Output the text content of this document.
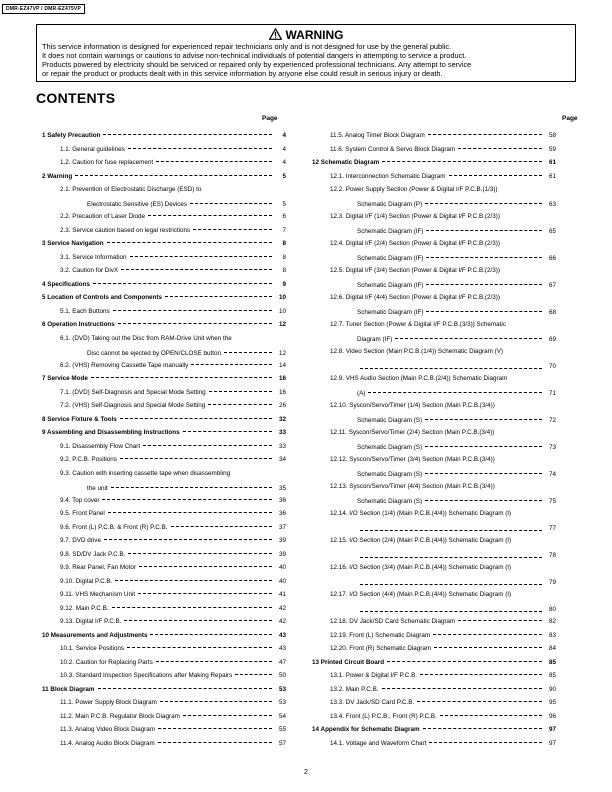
DMR-EZ47VP / DMR-EZ475VP
WARNING
This service information is designed for experienced repair technicians only and is not designed for use by the general public.
It does not contain warnings or cautions to advise non-technical individuals of potential dangers in attempting to service a product.
Products powered by electricity should be serviced or repaired only by experienced professional technicians. Any attempt to service
or repair the product or products dealt with in this service information by anyone else could result in serious injury or death.
CONTENTS
Page	Page
1 Safety Precaution	4
1.1. General guidelines	4
1.2. Caution for fuse replacement	4
2 Warning	5
2.1. Prevention of Electrostatic Discharge (ESD) to
Electrostatic Sensitive (ES) Devices	5
2.2. Precaution of Laser Diode	6
2.3. Service caution based on legal restrictions	7
3 Service Navigation	8
3.1. Service Information	8
3.2. Caution for DivX	8
4 Specifications	9
5 Location of Controls and Components	10
5.1. Each Buttons	10
6 Operation Instructions	12
6.1. (DVD) Taking out the Disc from RAM-Drive Unit when the
Disc cannot be ejected by OPEN/CLOSE button	12
6.2. (VHS) Removing Cassette Tape manually	14
7 Service Mode	16
7.1. (DVD) Self-Diagnosis and Special Mode Setting	16
7.2. (VHS) Self-Diagnosis and Special Mode Setting	26
8 Service Fixture & Tools	32
9 Assembling and Disassembling Instructions	33
9.1. Disassembly Flow Chart	33
9.2. P.C.B. Positions	34
9.3. Caution with inserting cassette tape when disassembling
the unit	35
9.4. Top cover	36
9.5. Front Panel	36
9.6. Front (L) P.C.B. & Front (R) P.C.B.	37
9.7. DVD drive	39
9.8. SD/DV Jack P.C.B.	39
9.9. Rear Panel, Fan Motor	40
9.10. Digital P.C.B.	40
9.11. VHS Mechanism Unit	41
9.12. Main P.C.B.	42
9.13. Digital I/F P.C.B.	42
10 Measurements and Adjustments	43
10.1. Service Positions	43
10.2. Caution for Replacing Parts	47
10.3. Standard Inspection Specifications after Making Repairs	50
11 Block Diagram	53
11.1. Power Supply Block Diagram	53
11.2. Main P.C.B. Regulator Block Diagram	54
11.3. Analog Video Block Diagram	55
11.4. Analog Audio Block Diagram	57
11.5. Analog Timer Block Diagram	58
11.6. System Control & Servo Block Diagram	59
12 Schematic Diagram	61
12.1. Interconnection Schematic Diagram	61
12.2. Power Supply Section (Power & Digital I/F P.C.B.(1/3))
Schematic Diagram (P)	63
12.3. Digital I/F (1/4) Section (Power & Digital I/F P.C.B.(2/3))
Schematic Diagram (IF)	65
12.4. Digital I/F (2/4) Section (Power & Digital I/F P.C.B.(2/3))
Schematic Diagram (IF)	66
12.5. Digital I/F (3/4) Section (Power & Digital I/F P.C.B.(2/3))
Schematic Diagram (IF)	67
12.6. Digital I/F (4/4) Section (Power & Digital I/F P.C.B.(2/3))
Schematic Diagram (IF)	68
12.7. Tuner Section (Power & Digital I/F P.C.B.(3/3)) Schematic
Diagram (IF)	69
12.8. Video Section (Main P.C.B.(1/4)) Schematic Diagram (V)
70
12.9. VHS Audio Section (Main P.C.B.(2/4)) Schematic Diagram
(A)	71
12.10. Syscon/Servo/Timer (1/4) Section (Main P.C.B.(3/4))
Schematic Diagram (S)	72
12.11. Syscon/Servo/Timer (2/4) Section (Main P.C.B.(3/4))
Schematic Diagram (S)	73
12.12. Syscon/Servo/Timer (3/4) Section (Main P.C.B.(3/4))
Schematic Diagram (S)	74
12.13. Syscon/Servo/Timer (4/4) Section (Main P.C.B.(3/4))
Schematic Diagram (S)	75
12.14. I/O Section (1/4) (Main P.C.B.(4/4)) Schematic Diagram (I)
77
12.15. I/O Section (2/4) (Main P.C.B.(4/4)) Schematic Diagram (I)
78
12.16. I/O Section (3/4) (Main P.C.B.(4/4)) Schematic Diagram (I)
79
12.17. I/O Section (4/4) (Main P.C.B.(4/4)) Schematic Diagram (I)
80
12.18. DV Jack/SD Card Schematic Diagram	82
12.19. Front (L) Schematic Diagram	83
12.20. Front (R) Schematic Diagram	84
13 Printed Circuit Board	85
13.1. Power & Digital I/F P.C.B.	85
13.2. Main P.C.B.	90
13.3. DV Jack/SD Card P.C.B.	95
13.4. Front (L) P.C.B., Front (R) P.C.B.	96
14 Appendix for Schematic Diagram	97
14.1. Voltage and Waveform Chart	97
2
